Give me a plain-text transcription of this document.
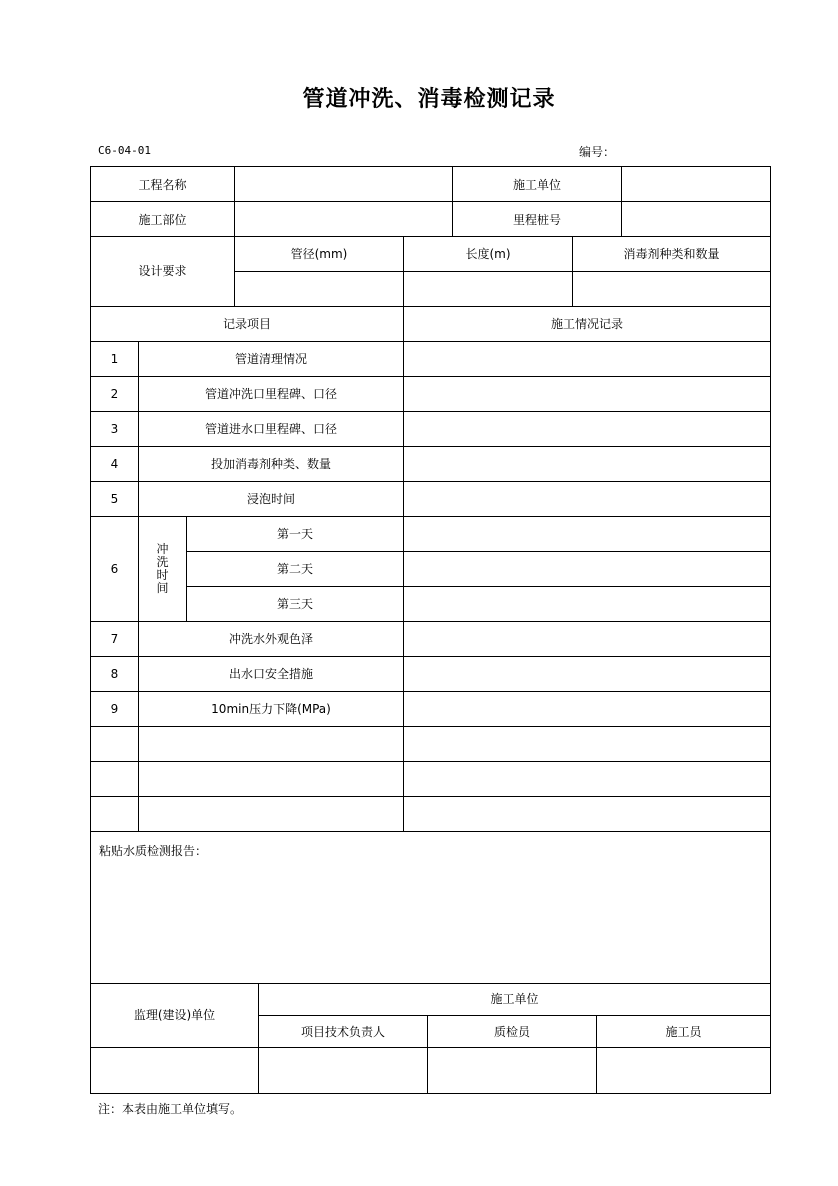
管道冲洗、消毒检测记录
C6-04-01	编号：
工程名称		施工单位	
施工部位		里程桩号	
设计要求	管径(mm)	长度(m)	消毒剂种类和数量

记录项目			施工情况记录
1	管道清理情况		
2	管道冲洗口里程碑、口径		
3	管道进水口里程碑、口径		
4	投加消毒剂种类、数量		
5	浸泡时间		
6	冲洗时间	第一天	
		第二天	
		第三天	
7	冲洗水外观色泽		
8	出水口安全措施		
9	10min压力下降(MPa)		

粘贴水质检测报告：			
监理(建设)单位	施工单位		
	项目技术负责人	质检员	施工员

注：本表由施工单位填写。
